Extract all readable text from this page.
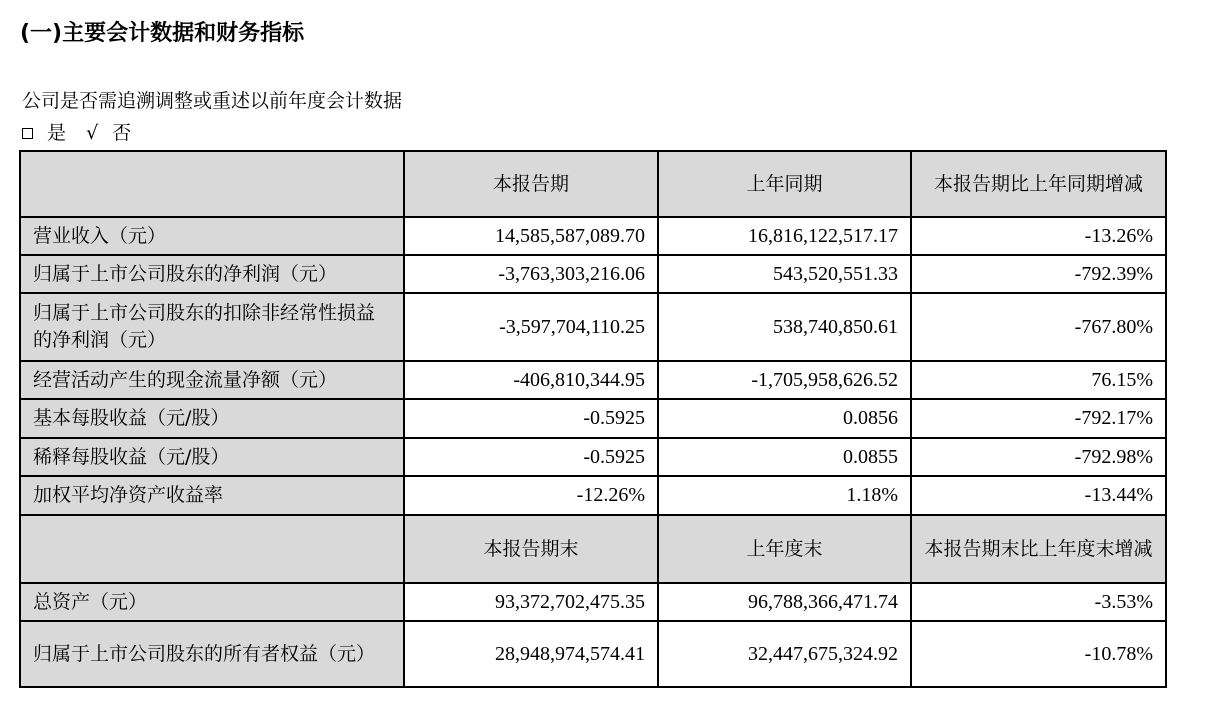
(一)主要会计数据和财务指标
公司是否需追溯调整或重述以前年度会计数据
是 √ 否
	本报告期	上年同期	本报告期比上年同期增减
营业收入（元）	14,585,587,089.70	16,816,122,517.17	-13.26%
归属于上市公司股东的净利润（元）	-3,763,303,216.06	543,520,551.33	-792.39%
归属于上市公司股东的扣除非经常性损益的净利润（元）	-3,597,704,110.25	538,740,850.61	-767.80%
经营活动产生的现金流量净额（元）	-406,810,344.95	-1,705,958,626.52	76.15%
基本每股收益（元/股）	-0.5925	0.0856	-792.17%
稀释每股收益（元/股）	-0.5925	0.0855	-792.98%
加权平均净资产收益率	-12.26%	1.18%	-13.44%
	本报告期末	上年度末	本报告期末比上年度末增减
总资产（元）	93,372,702,475.35	96,788,366,471.74	-3.53%
归属于上市公司股东的所有者权益（元）	28,948,974,574.41	32,447,675,324.92	-10.78%
